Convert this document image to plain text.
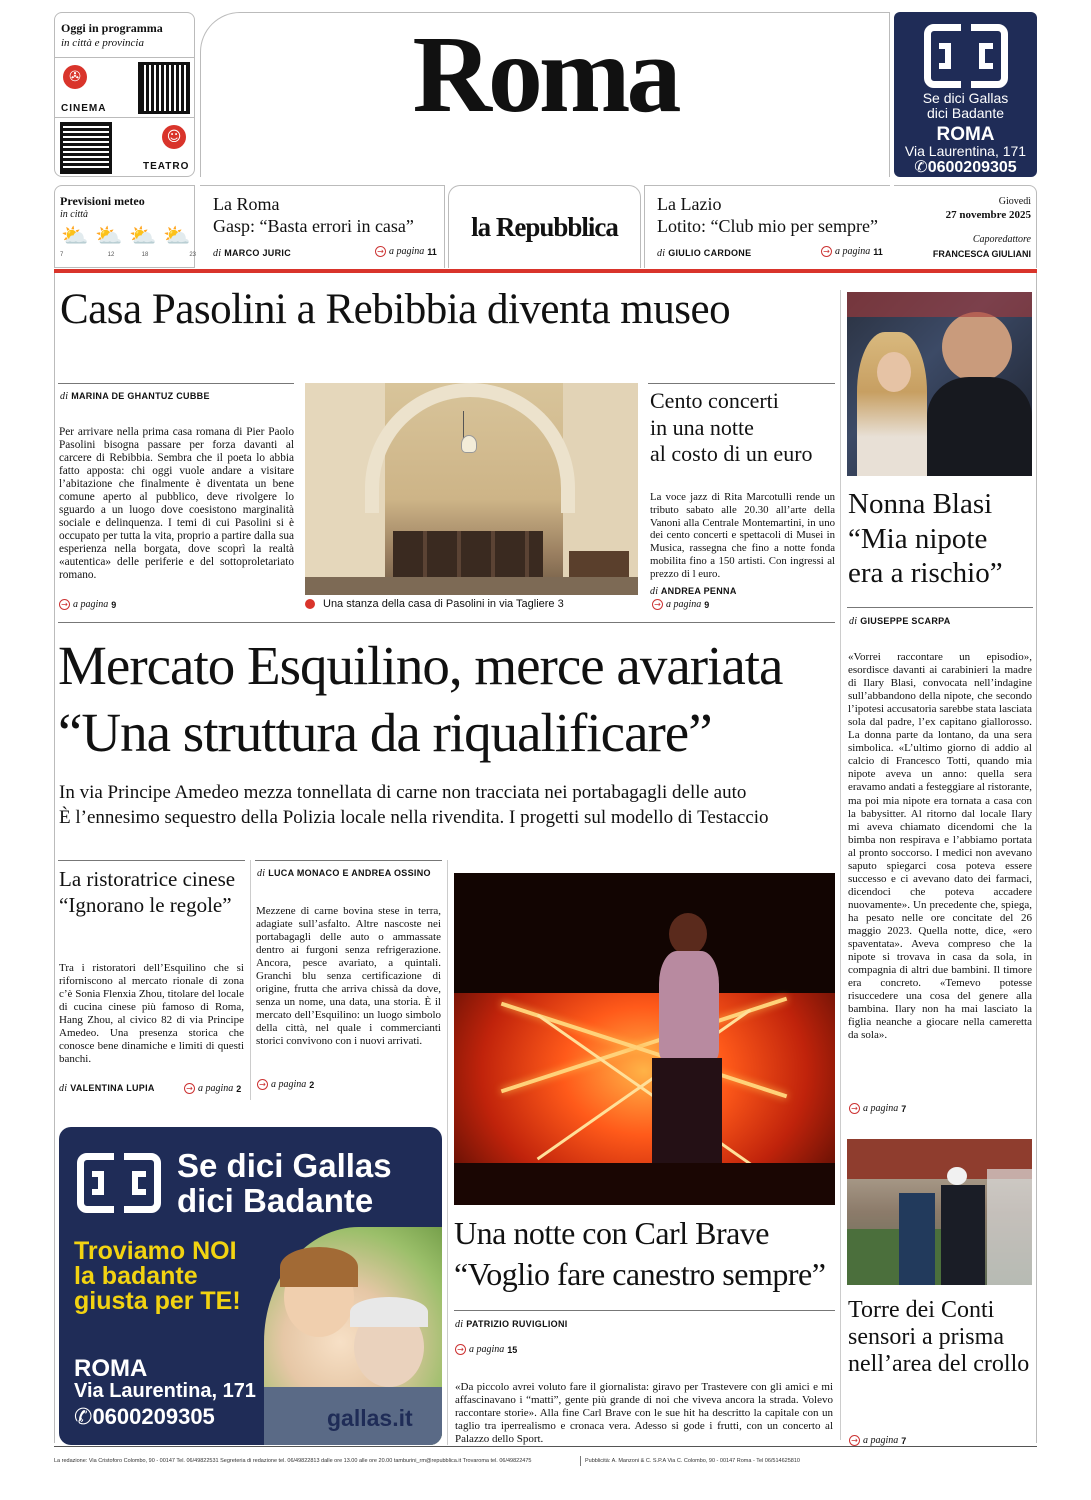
Oggi in programma
in città e provincia
✇
CINEMA
☺
TEATRO
Roma	Se dici Gallas
dici Badante
ROMA
Via Laurentina, 171
✆0600209305
Previsioni meteo
in città
⛅ ⛅ ⛅ ⛅
7	12	18	23
La Roma
Gasp: “Basta errori in casa”
di MARCO JURIC	→ a pagina 11
la Repubblica
La Lazio
Lotito: “Club mio per sempre”
di GIULIO CARDONE	→ a pagina 11
Giovedì
27 novembre 2025
Caporedattore
FRANCESCA GIULIANI
Casa Pasolini a Rebibbia diventa museo
di MARINA DE GHANTUZ CUBBE
Per arrivare nella prima casa romana di Pier Paolo Pasolini bisogna passare per forza davanti al carcere di Rebibbia. Sembra che il poeta lo abbia fatto apposta: chi oggi vuole andare a visitare l’abitazione che finalmente è diventata un bene comune aperto al pubblico, deve rivolgere lo sguardo a un luogo dove coesistono marginalità sociale e delinquenza. I temi di cui Pasolini si è occupato per tutta la vita, proprio a partire dalla sua esperienza nella borgata, dove scoprì la realtà «autentica» delle periferie e del sottoproletariato romano.
→ a pagina 9	Una stanza della casa di Pasolini in via Tagliere 3
Cento concerti
in una notte
al costo di un euro
La voce jazz di Rita Marcotulli rende un tributo sabato alle 20.30 all’arte della Vanoni alla Centrale Montemartini, in uno dei cento concerti e spettacoli di Musei in Musica, rassegna che fino a notte fonda mobilita fino a 150 artisti. Con ingressi al prezzo di l euro.
di ANDREA PENNA
→ a pagina 9
Nonna Blasi
“Mia nipote
era a rischio”
di GIUSEPPE SCARPA
«Vorrei raccontare un episodio», esordisce davanti ai carabinieri la madre di Ilary Blasi, convocata nell’indagine sull’abbandono della nipote, che secondo l’ipotesi accusatoria sarebbe stata lasciata sola dal padre, l’ex capitano giallorosso. La donna parte da lontano, da una sera simbolica. «L’ultimo giorno di addio al calcio di Francesco Totti, quando mia nipote aveva un anno: quella sera eravamo andati a festeggiare al ristorante, ma poi mia nipote era tornata a casa con la babysitter. Al ritorno dal locale Ilary mi aveva chiamato dicendomi che la bimba non respirava e l’abbiamo portata al pronto soccorso. I medici non avevano saputo spiegarci cosa poteva essere successo e ci avevano dato dei farmaci, dicendoci che poteva accadere nuovamente». Un precedente che, spiega, ha pesato nelle ore concitate del 26 maggio 2023. Quella notte, dice, «ero spaventata». Aveva compreso che la nipote si trovava in casa da sola, in compagnia di altri due bambini. Il timore era concreto. «Temevo potesse risuccedere una cosa del genere alla bambina. Ilary non ha mai lasciato la figlia neanche a giocare nella cameretta da sola».
→ a pagina 7
Mercato Esquilino, merce avariata
“Una struttura da riqualificare”
In via Principe Amedeo mezza tonnellata di carne non tracciata nei portabagagli delle auto
È l’ennesimo sequestro della Polizia locale nella rivendita. I progetti sul modello di Testaccio
La ristoratrice cinese
“Ignorano le regole”
Tra i ristoratori dell’Esquilino che si riforniscono al mercato rionale di zona c’è Sonia Flenxia Zhou, titolare del locale di cucina cinese più famoso di Roma, Hang Zhou, al civico 82 di via Principe Amedeo. Una presenza storica che conosce bene dinamiche e limiti di questi banchi.
di VALENTINA LUPIA	→ a pagina 2
di LUCA MONACO E ANDREA OSSINO
Mezzene di carne bovina stese in terra, adagiate sull’asfalto. Altre nascoste nei portabagagli delle auto o ammassate dentro ai furgoni senza refrigerazione. Ancora, pesce avariato, a quintali. Granchi blu senza certificazione di origine, frutta che arriva chissà da dove, senza un nome, una data, una storia. È il mercato dell’Esquilino: un luogo simbolo della città, nel quale i commercianti storici convivono con i nuovi arrivati.
→ a pagina 2
Una notte con Carl Brave
“Voglio fare canestro sempre”
di PATRIZIO RUVIGLIONI
→ a pagina 15
«Da piccolo avrei voluto fare il giornalista: giravo per Trastevere con gli amici e mi affascinavano i “matti”, gente più grande di noi che viveva ancora la strada. Volevo raccontare storie». Alla fine Carl Brave con le sue hit ha descritto la capitale con un taglio tra iperrealismo e cronaca vera. Adesso si gode i frutti, con un concerto al Palazzo dello Sport.
Torre dei Conti
sensori a prisma
nell’area del crollo
→ a pagina 7
Se dici Gallas
dici Badante
Troviamo NOI
la badante
giusta per TE!
ROMA
Via Laurentina, 171
✆0600209305	gallas.it
La redazione: Via Cristoforo Colombo, 90 - 00147 Tel. 06/49822531 Segreteria di redazione tel. 06/49822813 dalle ore 13.00 alle ore 20.00 tamburini_rm@repubblica.it Trovaroma tel. 06/49822475	Pubblicità: A. Manzoni & C. S.P.A Via C. Colombo, 90 - 00147 Roma - Tel 06/514625810
